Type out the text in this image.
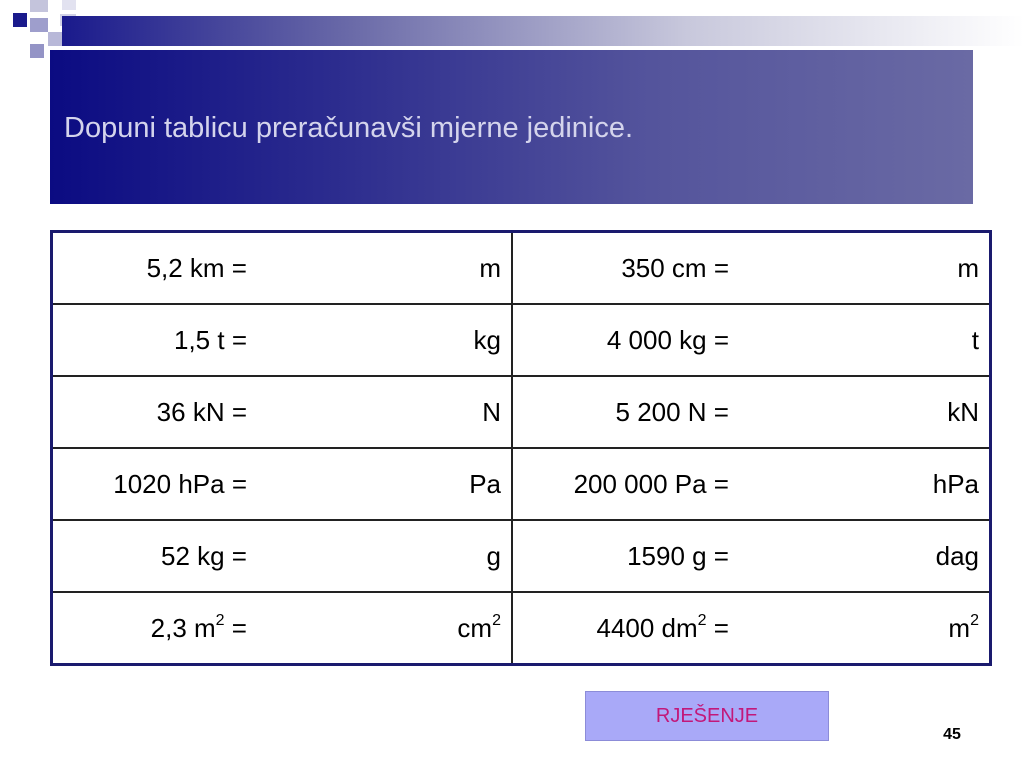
Dopuni tablicu preračunavši mjerne jedinice.
5,2 km =	m	350 cm =	m
1,5 t =	kg	4 000 kg =	t
36 kN =	N	5 200 N =	kN
1020 hPa =	Pa	200 000 Pa =	hPa
52 kg =	g	1590 g =	dag
2,3 $m^2$ =	$cm^2$	4400 $dm^2$ =	$m^2$
RJEŠENJE
45
